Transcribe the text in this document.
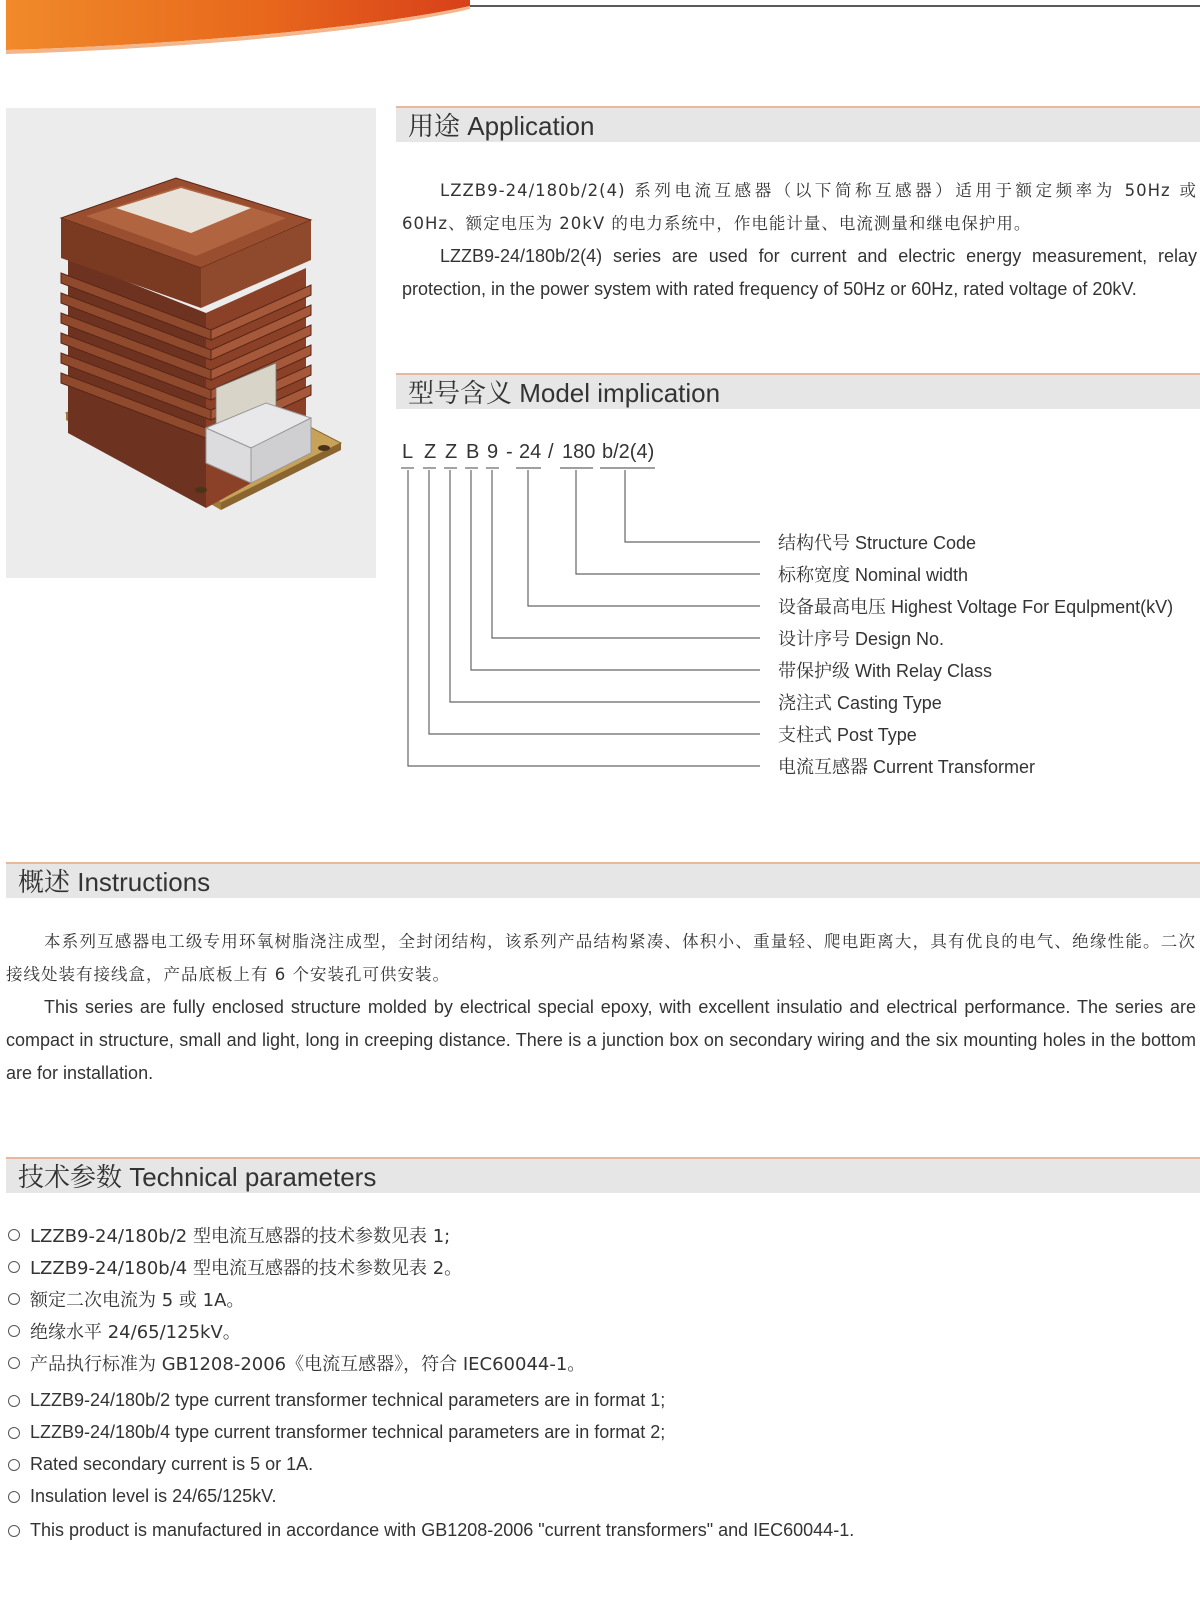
用途 Application

LZZB9-24/180b/2(4) 系列电流互感器（以下简称互感器）适用于额定频率为 50Hz 或 60Hz、额定电压为 20kV 的电力系统中，作电能计量、电流测量和继电保护用。

LZZB9-24/180b/2(4) series are used for current and electric energy measurement, relay protection, in the power system with rated frequency of 50Hz or 60Hz, rated voltage of 20kV.

型号含义 Model implication
L Z Z B 9 - 24 / 180 b/2(4)
结构代号 Structure Code
标称宽度 Nominal width
设备最高电压 Highest Voltage For Equlpment(kV)
设计序号 Design No.
带保护级 With Relay Class
浇注式 Casting Type
支柱式 Post Type
电流互感器 Current Transformer
概述 Instructions

本系列互感器电工级专用环氧树脂浇注成型，全封闭结构，该系列产品结构紧凑、体积小、重量轻、爬电距离大，具有优良的电气、绝缘性能。二次接线处装有接线盒，产品底板上有 6 个安装孔可供安装。

This series are fully enclosed structure molded by electrical special epoxy, with excellent insulatio and electrical performance. The series are compact in structure, small and light, long in creeping distance. There is a junction box on secondary wiring and the six mounting holes in the bottom are for installation.

技术参数 Technical parameters
LZZB9-24/180b/2 型电流互感器的技术参数见表 1;
LZZB9-24/180b/4 型电流互感器的技术参数见表 2。
额定二次电流为 5 或 1A。
绝缘水平 24/65/125kV。
产品执行标准为 GB1208-2006《电流互感器》，符合 IEC60044-1。
LZZB9-24/180b/2 type current transformer technical parameters are in format 1;
LZZB9-24/180b/4 type current transformer technical parameters are in format 2;
Rated secondary current is 5 or 1A.
Insulation level is 24/65/125kV.
This product is manufactured in accordance with GB1208-2006 "current transformers" and IEC60044-1.
